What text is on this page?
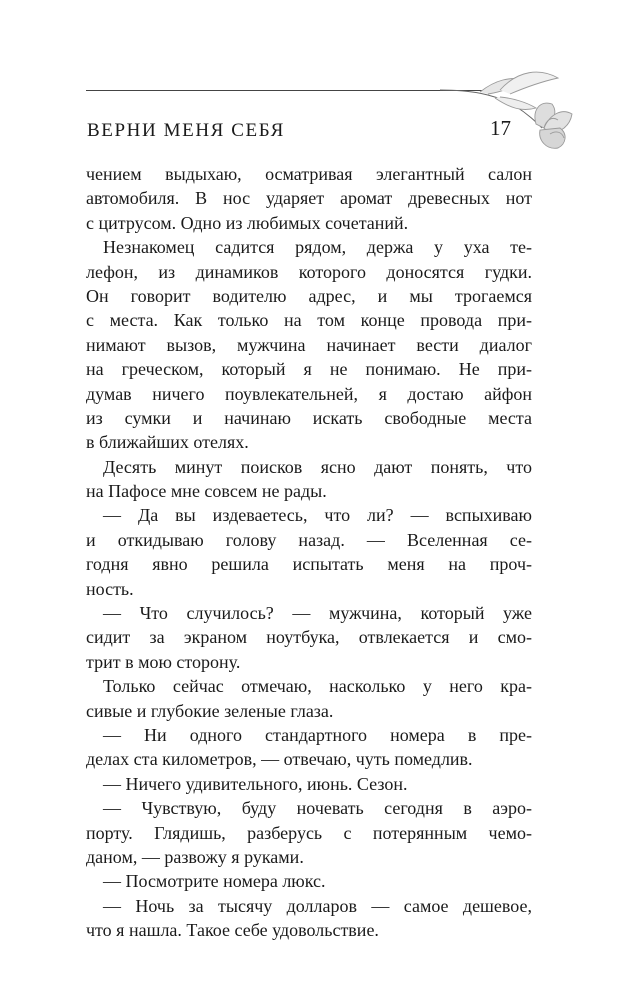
ВЕРНИ МЕНЯ СЕБЯ	17
чением выдыхаю, осматривая элегантный салон
автомобиля. В нос ударяет аромат древесных нот
с цитрусом. Одно из любимых сочетаний.
Незнакомец садится рядом, держа у уха те-
лефон, из динамиков которого доносятся гудки.
Он говорит водителю адрес, и мы трогаемся
с места. Как только на том конце провода при-
нимают вызов, мужчина начинает вести диалог
на греческом, который я не понимаю. Не при-
думав ничего поувлекательней, я достаю айфон
из сумки и начинаю искать свободные места
в ближайших отелях.
Десять минут поисков ясно дают понять, что
на Пафосе мне совсем не рады.
— Да вы издеваетесь, что ли? — вспыхиваю
и откидываю голову назад. — Вселенная се-
годня явно решила испытать меня на проч-
ность.
— Что случилось? — мужчина, который уже
сидит за экраном ноутбука, отвлекается и смо-
трит в мою сторону.
Только сейчас отмечаю, насколько у него кра-
сивые и глубокие зеленые глаза.
— Ни одного стандартного номера в пре-
делах ста километров, — отвечаю, чуть помедлив.
— Ничего удивительного, июнь. Сезон.
— Чувствую, буду ночевать сегодня в аэро-
порту. Глядишь, разберусь с потерянным чемо-
даном, — развожу я руками.
— Посмотрите номера люкс.
— Ночь за тысячу долларов — самое дешевое,
что я нашла. Такое себе удовольствие.
